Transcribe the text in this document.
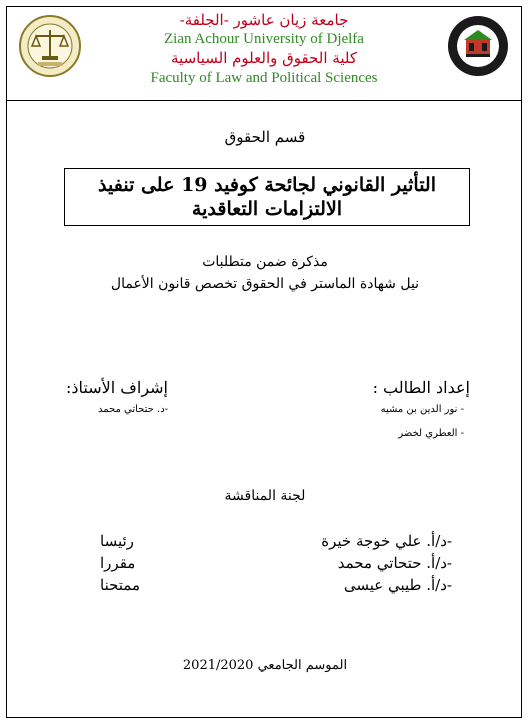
جامعة زيان عاشور -الجلفة-
Zian Achour University of Djelfa
كلية الحقوق والعلوم السياسية
Faculty of Law and Political Sciences
قسم الحقوق
التأثير القانوني لجائحة كوفيد 19 على تنفيذ
الالتزامات التعاقدية
مذكرة ضمن متطلبات
نيل شهادة الماستر في الحقوق تخصص قانون الأعمال
إعداد الطالب :
- نور الدين بن مشيه
- العطري لخضر
إشراف الأستاذ:
-د. حتحاتي محمد
لجنة المناقشة
-د/أ. علي خوجة خيرة
رئيسا
-د/أ. حتحاتي محمد
مقررا
-د/أ. طيبي عيسى
ممتحنا
الموسم الجامعي 2021/2020
